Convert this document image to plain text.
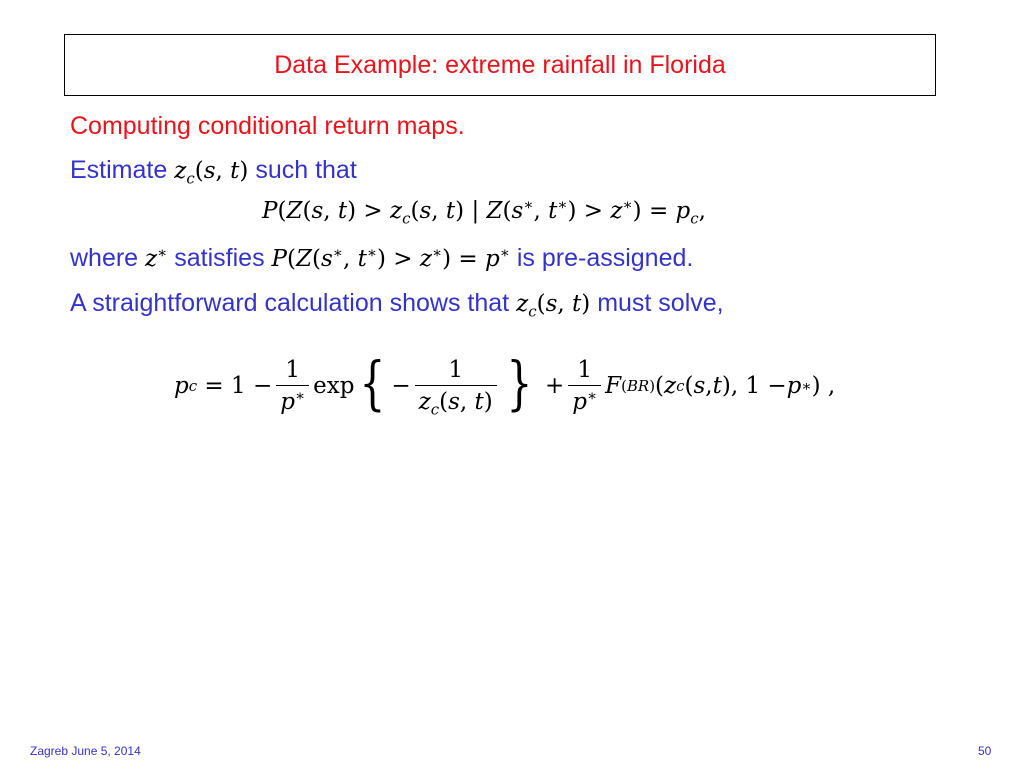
Data Example: extreme rainfall in Florida
Computing conditional return maps.
Estimate $z_c(s$, t) such that
P(Z(s, $t) > z_c(s$, t) | Z(s∗, $t^∗) > z^∗) = p_c$,
where z∗ satisfies P(Z(s∗, t∗) > z∗) = p∗ is pre-assigned.
A straightforward calculation shows that $z_c(s$, t) must solve,
p $c = 1 - \frac{1}{p^∗}$ exp { − $\frac{1}{z_c(s, t)}$ } + $\frac{1}{p^∗}$ F (BR) ( z c ( s , t ), 1 − p ∗ ) ,
Zagreb June 5, 2014	50
